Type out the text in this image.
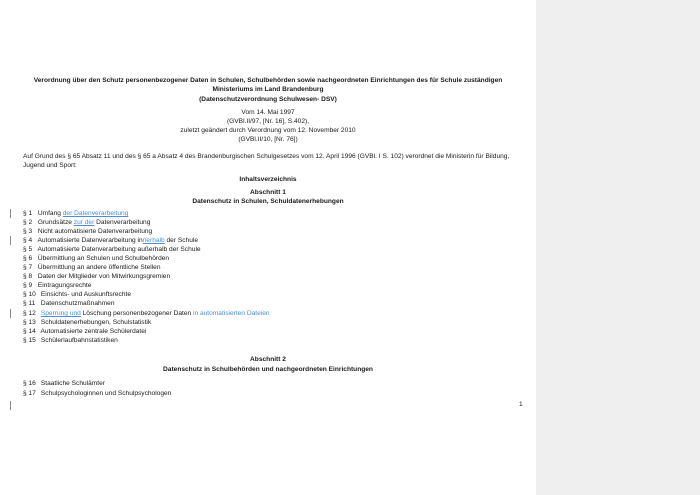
Verordnung über den Schutz personenbezogener Daten in Schulen, Schulbehörden sowie nachgeordneten Einrichtungen des für Schule zuständigen
Ministeriums im Land Brandenburg
(Datenschutzverordnung Schulwesen- DSV)
Vom 14. Mai 1997
(GVBl.II/97, [Nr. 16], S.402),
zuletzt geändert durch Verordnung vom 12. November 2010
(GVBl.II/10, [Nr. 76])
Auf Grund des § 65 Absatz 11 und des § 65 a Absatz 4 des Brandenburgischen Schulgesetzes vom 12. April 1996 (GVBl. I S. 102) verordnet die Ministerin für Bildung, Jugend und Sport:
Inhaltsverzeichnis
Abschnitt 1
Datenschutz in Schulen, Schuldatenerhebungen
§ 1 Umfang der Datenverarbeitung
§ 2 Grundsätze zur der Datenverarbeitung
§ 3 Nicht automatisierte Datenverarbeitung
§ 4 Automatisierte Datenverarbeitung innerhalb der Schule
§ 5 Automatisierte Datenverarbeitung außerhalb der Schule
§ 6 Übermittlung an Schulen und Schulbehörden
§ 7 Übermittlung an andere öffentliche Stellen
§ 8 Daten der Mitglieder von Mitwirkungsgremien
§ 9 Eintragungsrechte
§ 10 Einsichts- und Auskunftsrechte
§ 11 Datenschutzmaßnahmen
§ 12 Sperrung und Löschung personenbezogener Daten in automatisierten Dateien
§ 13 Schuldatenerhebungen, Schulstatistik
§ 14 Automatisierte zentrale Schülerdatei
§ 15 Schülerlaufbahnstatistiken
Abschnitt 2
Datenschutz in Schulbehörden und nachgeordneten Einrichtungen
§ 16 Staatliche Schulämter
§ 17 Schulpsychologinnen und Schulpsychologen
1
